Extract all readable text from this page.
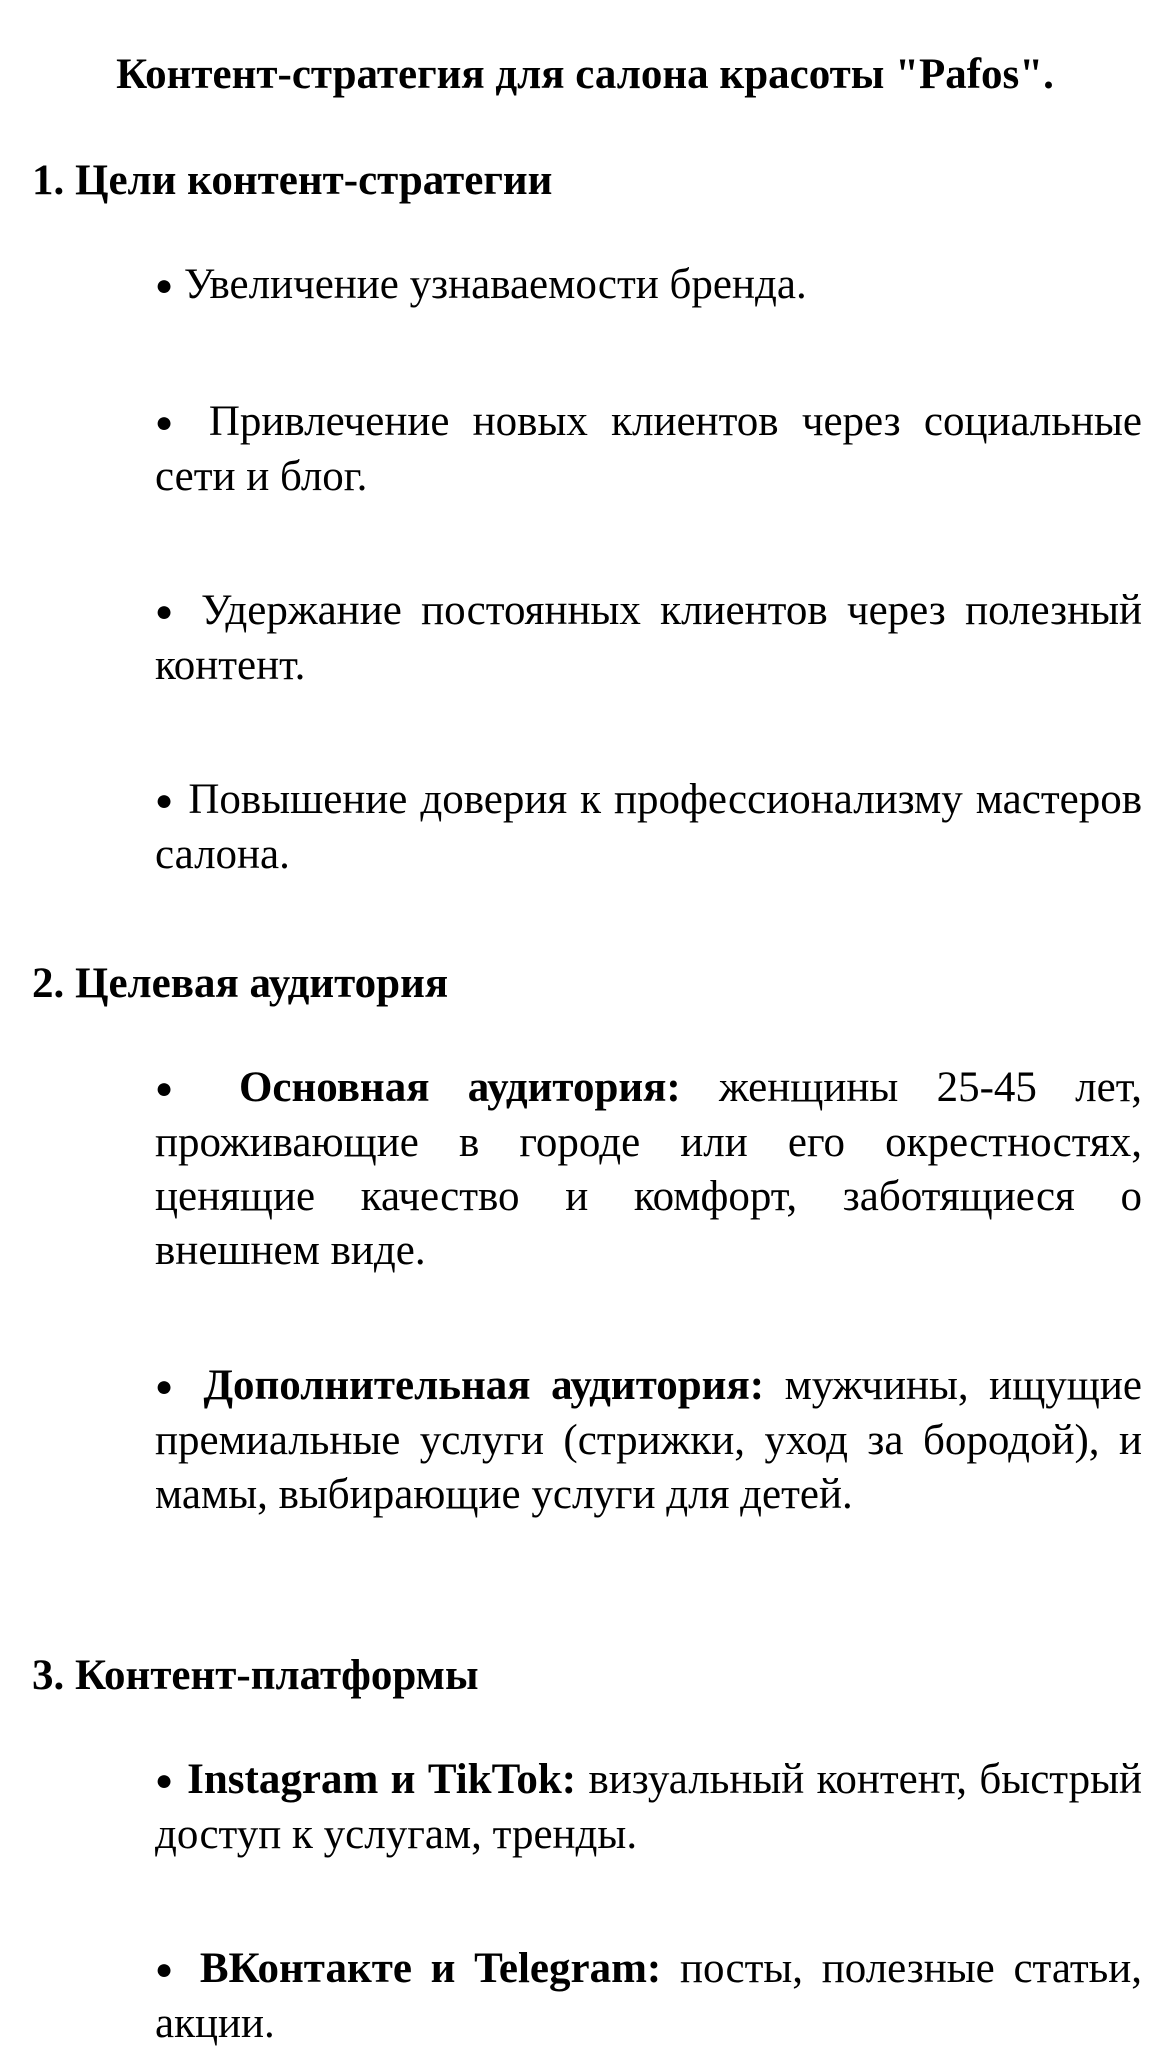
Контент-стратегия для салона красоты "Pafos".
1. Цели контент-стратегии

● Увеличение узнаваемости бренда.

● Привлечение новых клиентов через социальные сети и блог.

● Удержание постоянных клиентов через полезный контент.

● Повышение доверия к профессионализму мастеров салона.

2. Целевая аудитория

● Основная аудитория: женщины 25-45 лет, проживающие в городе или его окрестностях, ценящие качество и комфорт, заботящиеся о внешнем виде.

● Дополнительная аудитория: мужчины, ищущие премиальные услуги (стрижки, уход за бородой), и мамы, выбирающие услуги для детей.

3. Контент-платформы

● Instagram и TikTok: визуальный контент, быстрый доступ к услугам, тренды.

● ВКонтакте и Telegram: посты, полезные статьи, акции.
